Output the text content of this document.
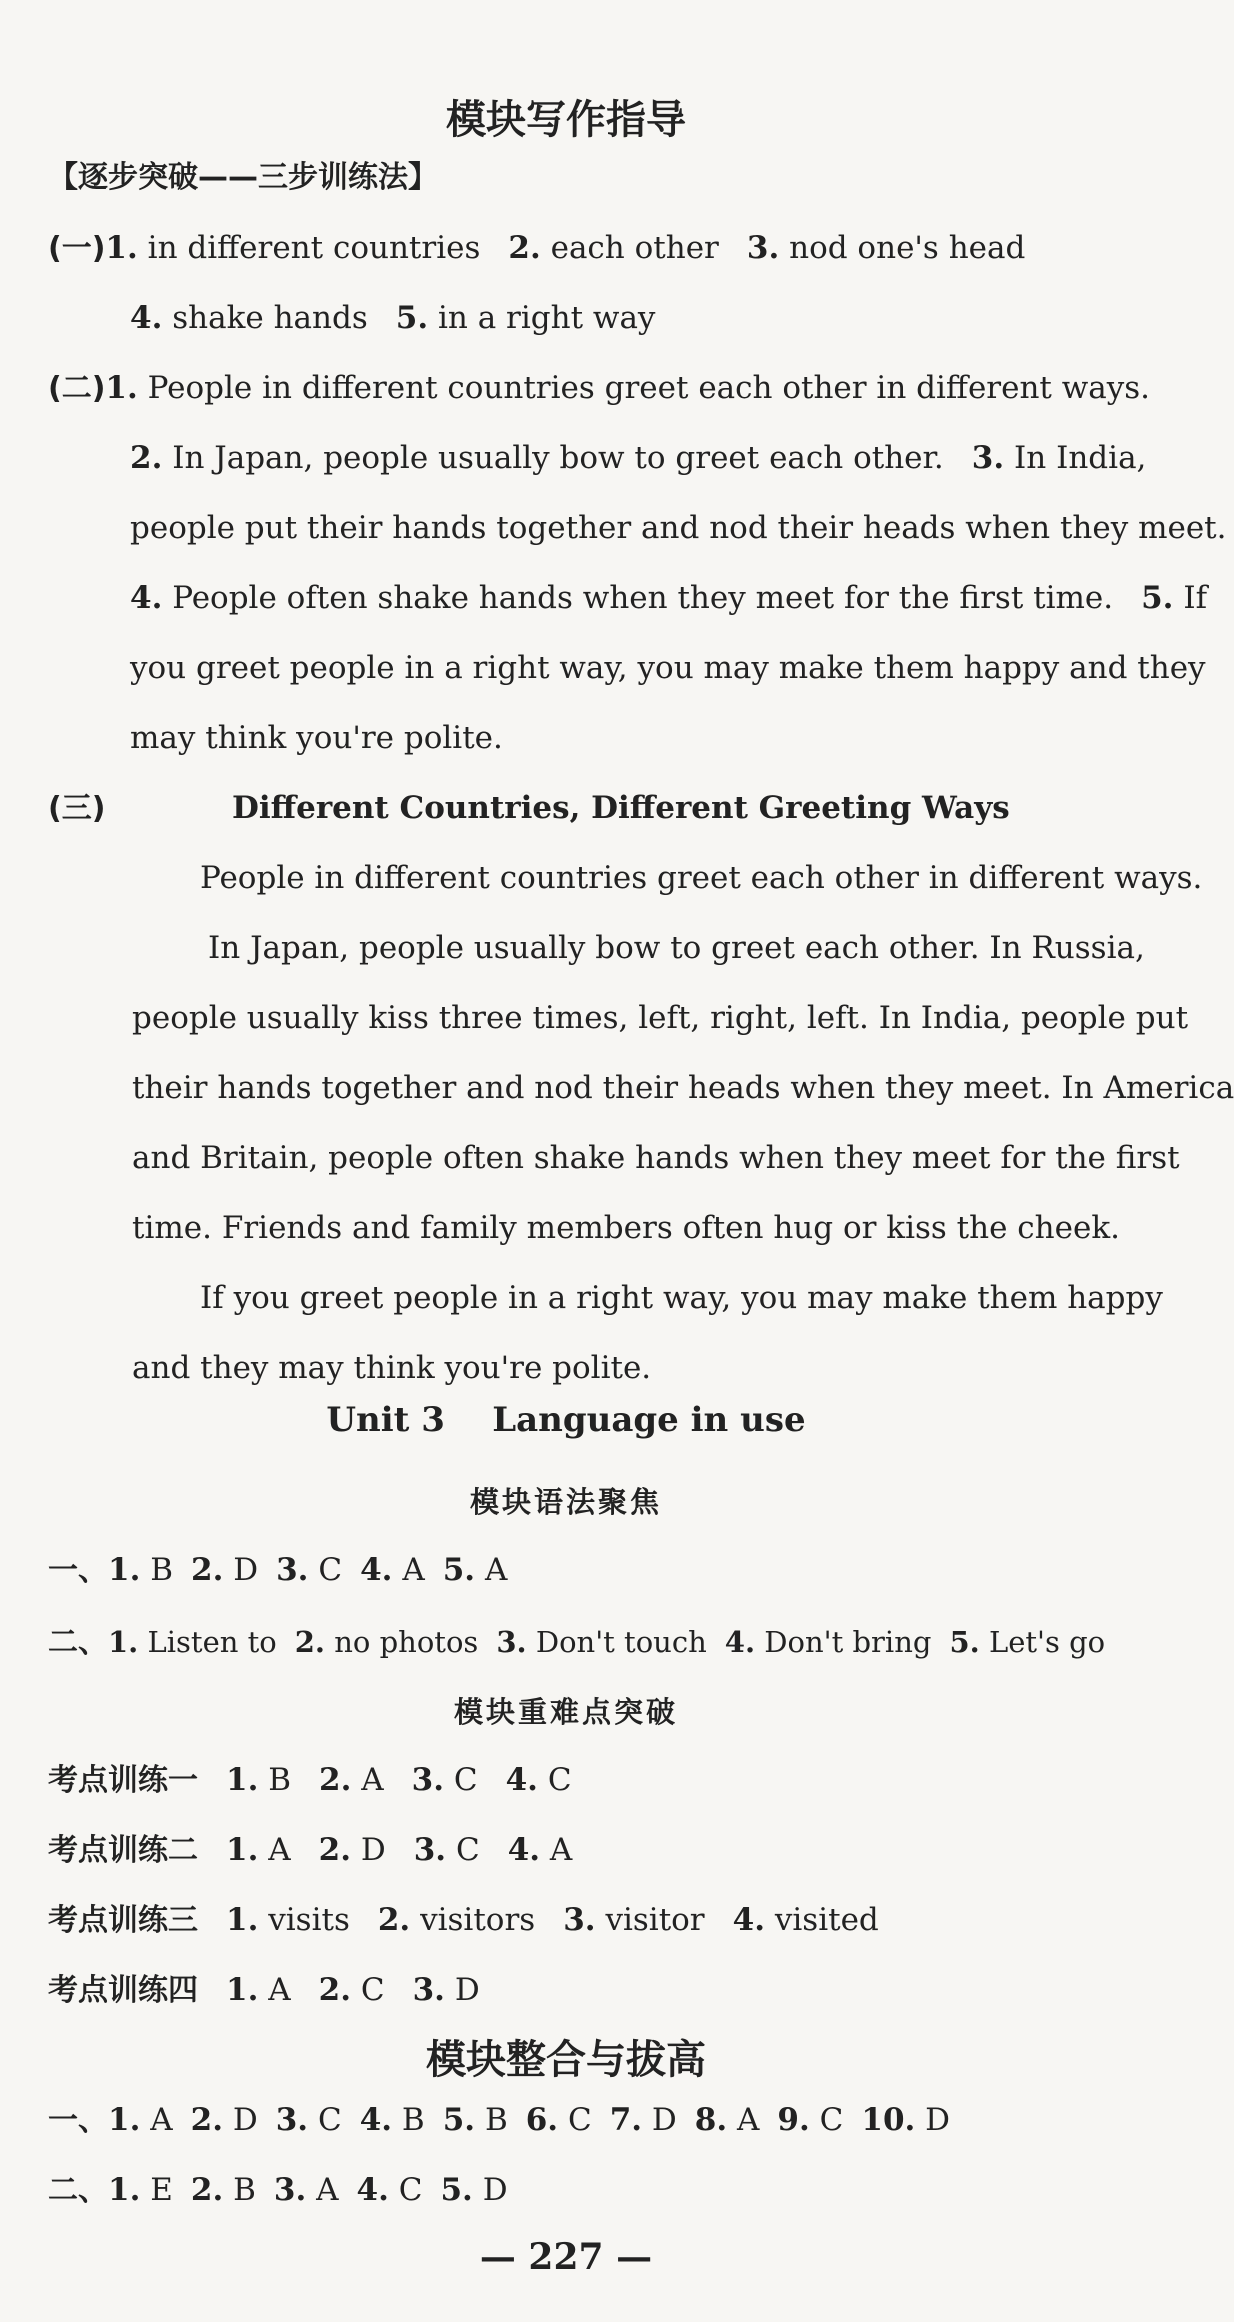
模块写作指导
【逐步突破——三步训练法】
(一)1. in different countries 2. each other 3. nod one's head
4. shake hands 5. in a right way
(二)1. People in different countries greet each other in different ways.
2. In Japan, people usually bow to greet each other. 3. In India,
people put their hands together and nod their heads when they meet.
4. People often shake hands when they meet for the first time. 5. If
you greet people in a right way, you may make them happy and they
may think you're polite.
(三)	Different Countries, Different Greeting Ways
People in different countries greet each other in different ways.
In Japan, people usually bow to greet each other. In Russia,
people usually kiss three times, left, right, left. In India, people put
their hands together and nod their heads when they meet. In America
and Britain, people often shake hands when they meet for the first
time. Friends and family members often hug or kiss the cheek.
If you greet people in a right way, you may make them happy
and they may think you're polite.
Unit 3    Language in use
模块语法聚焦
一、1. B 2. D 3. C 4. A 5. A
二、1. Listen to 2. no photos 3. Don't touch 4. Don't bring 5. Let's go
模块重难点突破
考点训练一 1. B 2. A 3. C 4. C
考点训练二 1. A 2. D 3. C 4. A
考点训练三 1. visits 2. visitors 3. visitor 4. visited
考点训练四 1. A 2. C 3. D
模块整合与拔高
一、1. A 2. D 3. C 4. B 5. B 6. C 7. D 8. A 9. C 10. D
二、1. E 2. B 3. A 4. C 5. D
— 227 —
